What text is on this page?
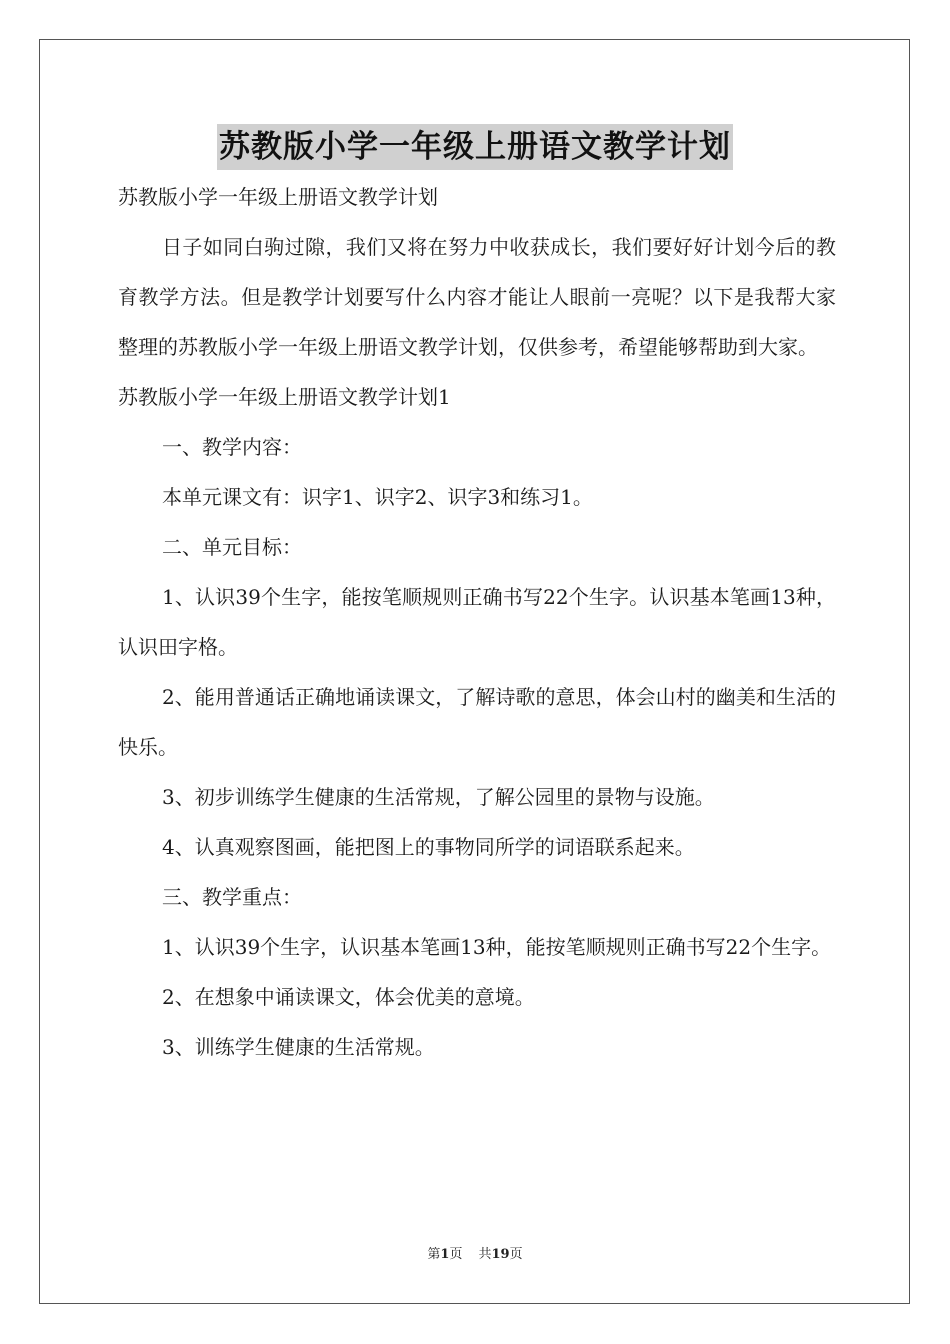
苏教版小学一年级上册语文教学计划

苏教版小学一年级上册语文教学计划

日子如同白驹过隙，我们又将在努力中收获成长，我们要好好计划今后的教育教学方法。但是教学计划要写什么内容才能让人眼前一亮呢？以下是我帮大家整理的苏教版小学一年级上册语文教学计划，仅供参考，希望能够帮助到大家。

苏教版小学一年级上册语文教学计划1

一、教学内容：

本单元课文有：识字1、识字2、识字3和练习1。

二、单元目标：

1、认识39个生字，能按笔顺规则正确书写22个生字。认识基本笔画13种，认识田字格。

2、能用普通话正确地诵读课文，了解诗歌的意思，体会山村的幽美和生活的快乐。

3、初步训练学生健康的生活常规，了解公园里的景物与设施。

4、认真观察图画，能把图上的事物同所学的词语联系起来。

三、教学重点：

1、认识39个生字，认识基本笔画13种，能按笔顺规则正确书写22个生字。

2、在想象中诵读课文，体会优美的意境。

3、训练学生健康的生活常规。

第1页 共19页
